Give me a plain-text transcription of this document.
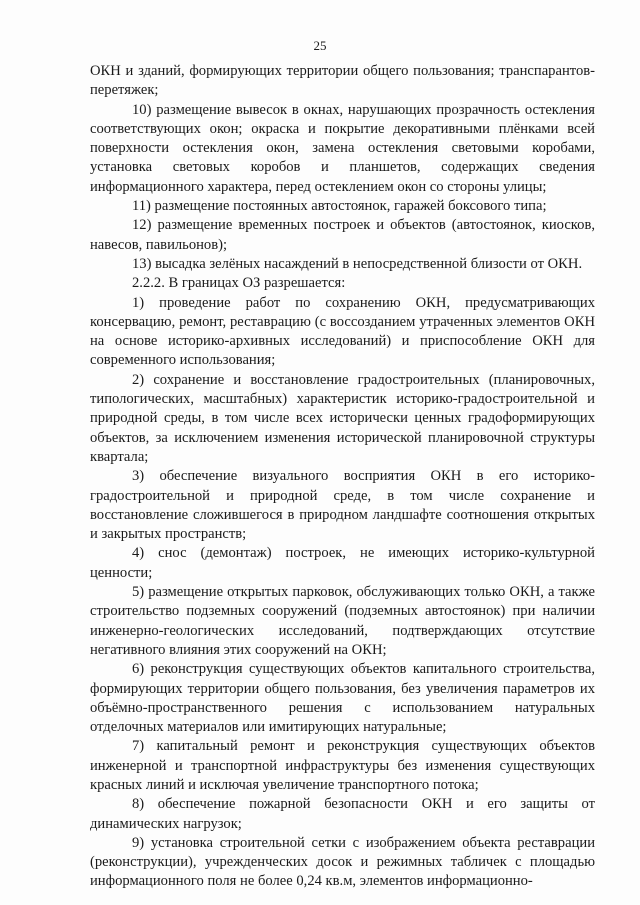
25

ОКН и зданий, формирующих территории общего пользования; транспарантов-перетяжек;

10) размещение вывесок в окнах, нарушающих прозрачность остекления соответствующих окон; окраска и покрытие декоративными плёнками всей поверхности остекления окон, замена остекления световыми коробами, установка световых коробов и планшетов, содержащих сведения информационного характера, перед остеклением окон со стороны улицы;

11) размещение постоянных автостоянок, гаражей боксового типа;

12) размещение временных построек и объектов (автостоянок, киосков, навесов, павильонов);

13) высадка зелёных насаждений в непосредственной близости от ОКН.

2.2.2. В границах ОЗ разрешается:

1) проведение работ по сохранению ОКН, предусматривающих консервацию, ремонт, реставрацию (с воссозданием утраченных элементов ОКН на основе историко-архивных исследований) и приспособление ОКН для современного использования;

2) сохранение и восстановление градостроительных (планировочных, типологических, масштабных) характеристик историко-градостроительной и природной среды, в том числе всех исторически ценных градоформирующих объектов, за исключением изменения исторической планировочной структуры квартала;

3) обеспечение визуального восприятия ОКН в его историко-градостроительной и природной среде, в том числе сохранение и восстановление сложившегося в природном ландшафте соотношения открытых и закрытых пространств;

4) снос (демонтаж) построек, не имеющих историко-культурной ценности;

5) размещение открытых парковок, обслуживающих только ОКН, а также строительство подземных сооружений (подземных автостоянок) при наличии инженерно-геологических исследований, подтверждающих отсутствие негативного влияния этих сооружений на ОКН;

6) реконструкция существующих объектов капитального строительства, формирующих территории общего пользования, без увеличения параметров их объёмно-пространственного решения с использованием натуральных отделочных материалов или имитирующих натуральные;

7) капитальный ремонт и реконструкция существующих объектов инженерной и транспортной инфраструктуры без изменения существующих красных линий и исключая увеличение транспортного потока;

8) обеспечение пожарной безопасности ОКН и его защиты от динамических нагрузок;

9) установка строительной сетки с изображением объекта реставрации (реконструкции), учрежденческих досок и режимных табличек с площадью информационного поля не более 0,24 кв.м, элементов информационно-
